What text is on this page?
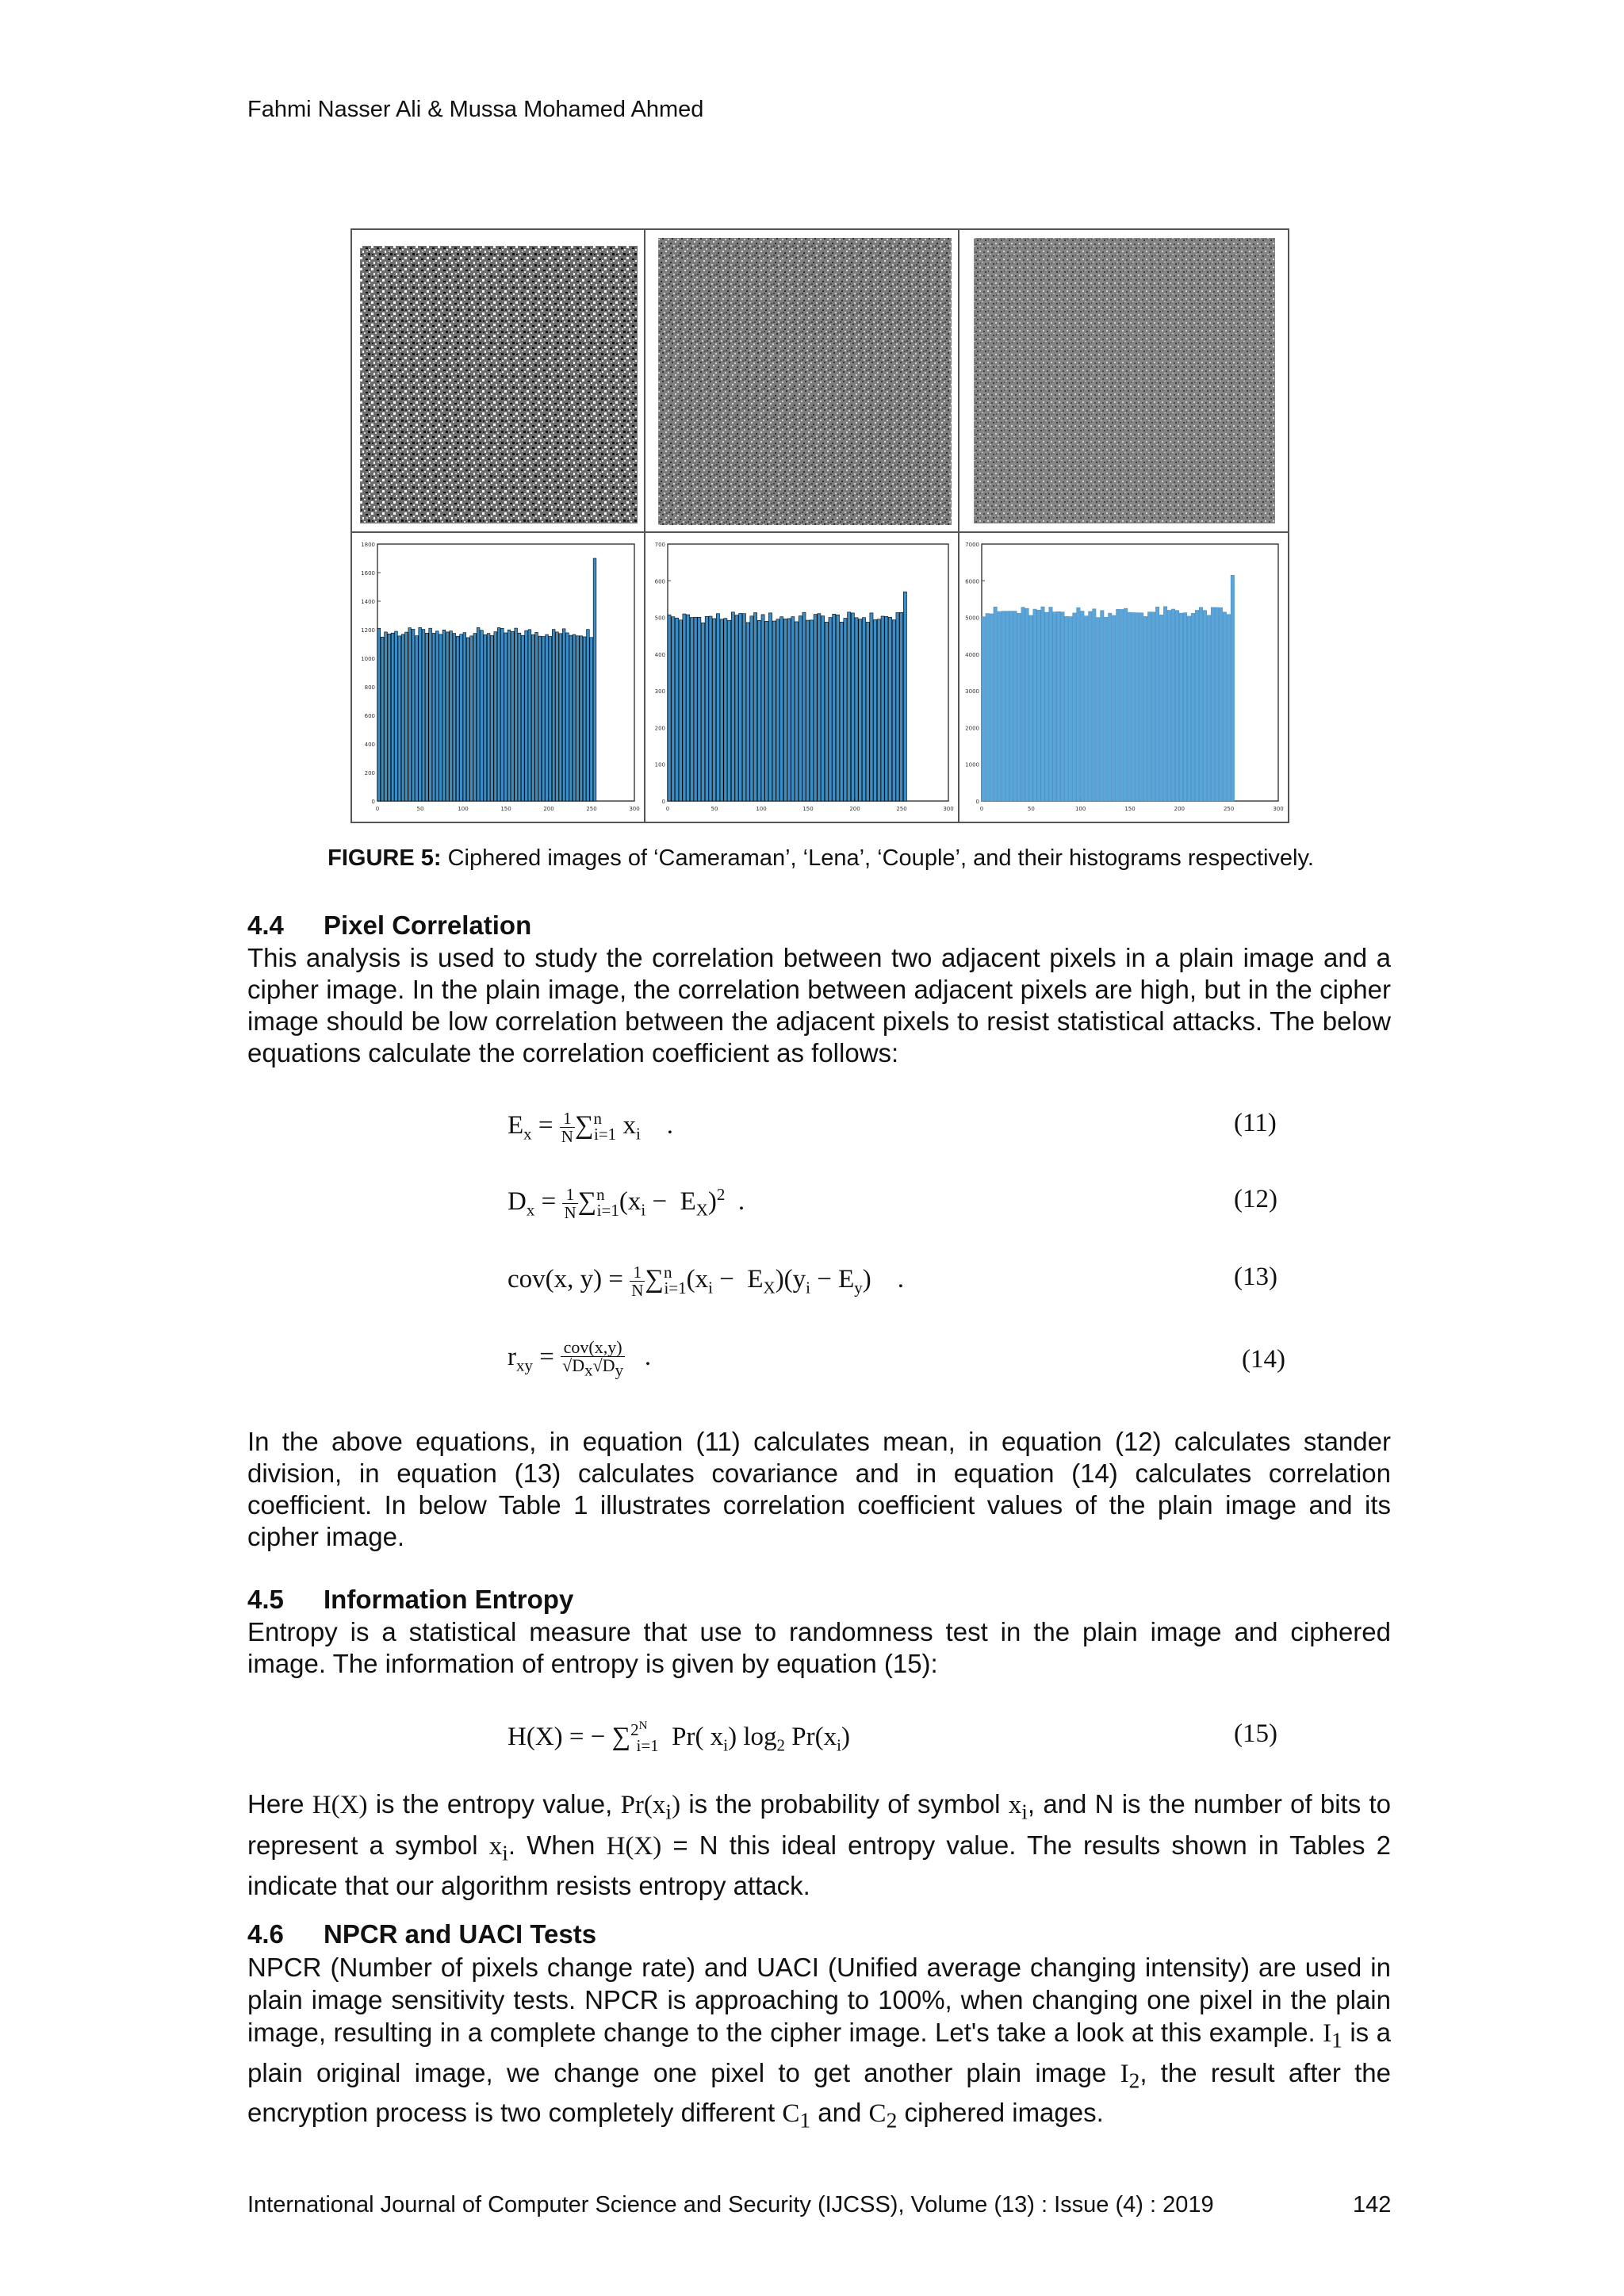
Fahmi Nasser Ali & Mussa Mohamed Ahmed
0
200
400
600
800
1000
1200
1400
1600
1800
0	50	100	150	200	250	300
0
100
200
300
400
500
600
700
0	50	100	150	200	250	300
0
1000
2000
3000
4000
5000
6000
7000
0	50	100	150	200	250	300
FIGURE 5: Ciphered images of ‘Cameraman’, ‘Lena’, ‘Couple’, and their histograms respectively.
4.4 Pixel Correlation
This analysis is used to study the correlation between two adjacent pixels in a plain image and a cipher image. In the plain image, the correlation between adjacent pixels are high, but in the cipher image should be low correlation between the adjacent pixels to resist statistical attacks. The below equations calculate the correlation coefficient as follows:
$E_x = \frac{1}{N} \sum^n_{i=1}$ $x_i$    .	(11)
$D_x = \frac{1}{N} \sum^n_{i=1}(x_i - E_X)^2$  .	(12)
cov(x, $y) = \frac{1}{N} \sum^n_{i=1}(x_i - E_X)(y_i - E_y)$    .	(13)
$r_{xy} = \frac{\text{cov(x,y)}}{√D_x√D_y}$ .	(14)
In the above equations, in equation (11) calculates mean, in equation (12) calculates stander division, in equation (13) calculates covariance and in equation (14) calculates correlation coefficient. In below Table 1 illustrates correlation coefficient values of the plain image and its cipher image.
4.5 Information Entropy
Entropy is a statistical measure that use to randomness test in the plain image and ciphered image. The information of entropy is given by equation (15):
H(X) = − ∑$^{2^N}_{i=1}$  Pr( $x_i$) $\log_2 Pr(x_i)$	(15)
Here H(X) is the entropy value, $Pr(x_i)$ is the probability of symbol $x_i$, and N is the number of bits to represent a symbol $x_i$. When H(X) = N this ideal entropy value. The results shown in Tables 2 indicate that our algorithm resists entropy attack.
4.6 NPCR and UACI Tests
NPCR (Number of pixels change rate) and UACI (Unified average changing intensity) are used in plain image sensitivity tests. NPCR is approaching to 100%, when changing one pixel in the plain image, resulting in a complete change to the cipher image. Let's take a look at this example. $I_1$ is a plain original image, we change one pixel to get another plain image $I_2$, the result after the encryption process is two completely different $C_1$ and $C_2$ ciphered images.
International Journal of Computer Science and Security (IJCSS), Volume (13) : Issue (4) : 2019	142
